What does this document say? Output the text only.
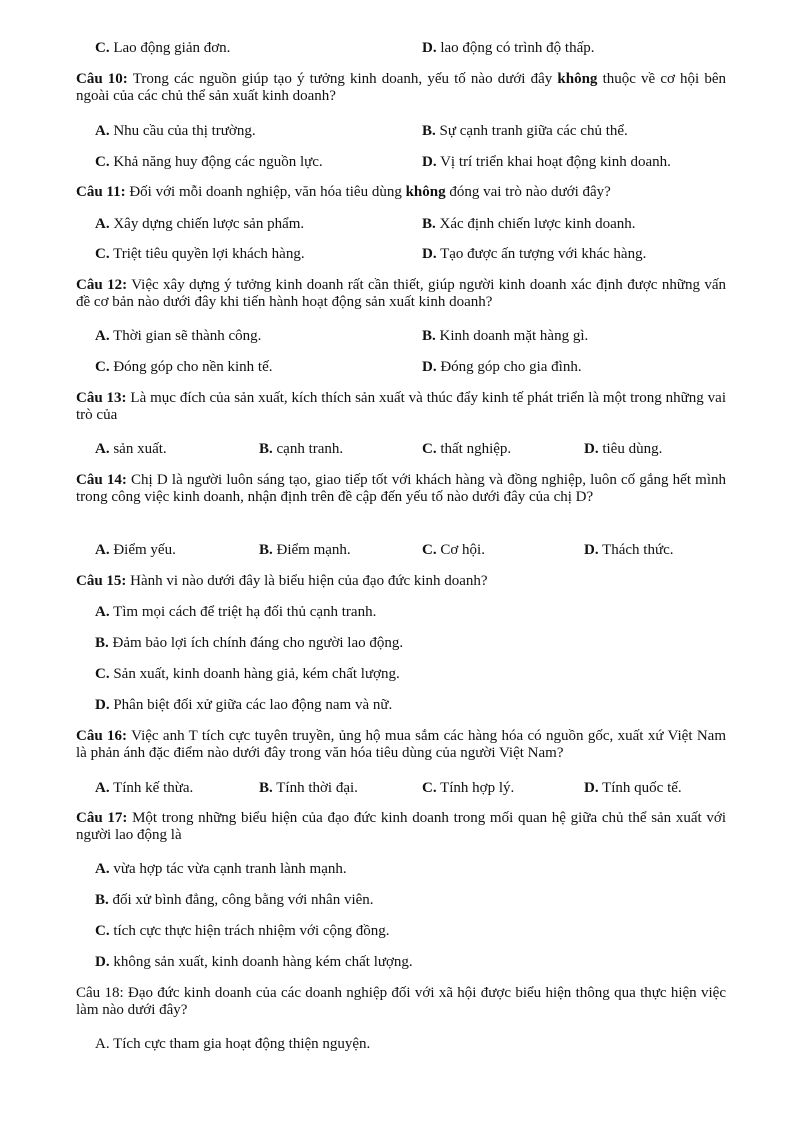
C. Lao động giản đơn.	D. lao động có trình độ thấp.
Câu 10: Trong các nguồn giúp tạo ý tưởng kinh doanh, yếu tố nào dưới đây không thuộc về cơ hội bên ngoài của các chủ thể sản xuất kinh doanh?
A. Nhu cầu của thị trường.	B. Sự cạnh tranh giữa các chủ thể.
C. Khả năng huy động các nguồn lực.	D. Vị trí triển khai hoạt động kinh doanh.
Câu 11: Đối với mỗi doanh nghiệp, văn hóa tiêu dùng không đóng vai trò nào dưới đây?
A. Xây dựng chiến lược sản phẩm.	B. Xác định chiến lược kinh doanh.
C. Triệt tiêu quyền lợi khách hàng.	D. Tạo được ấn tượng với khác hàng.
Câu 12: Việc xây dựng ý tưởng kinh doanh rất cần thiết, giúp người kinh doanh xác định được những vấn đề cơ bản nào dưới đây khi tiến hành hoạt động sản xuất kinh doanh?
A. Thời gian sẽ thành công.	B. Kinh doanh mặt hàng gì.
C. Đóng góp cho nền kinh tế.	D. Đóng góp cho gia đình.
Câu 13: Là mục đích của sản xuất, kích thích sản xuất và thúc đẩy kinh tế phát triển là một trong những vai trò của
A. sản xuất.	B. cạnh tranh.	C. thất nghiệp.	D. tiêu dùng.
Câu 14: Chị D là người luôn sáng tạo, giao tiếp tốt với khách hàng và đồng nghiệp, luôn cố gắng hết mình trong công việc kinh doanh, nhận định trên đề cập đến yếu tố nào dưới đây của chị D?
A. Điểm yếu.	B. Điểm mạnh.	C. Cơ hội.	D. Thách thức.
Câu 15: Hành vi nào dưới đây là biểu hiện của đạo đức kinh doanh?
A. Tìm mọi cách để triệt hạ đối thủ cạnh tranh.
B. Đảm bảo lợi ích chính đáng cho người lao động.
C. Sản xuất, kinh doanh hàng giả, kém chất lượng.
D. Phân biệt đối xử giữa các lao động nam và nữ.
Câu 16: Việc anh T tích cực tuyên truyền, ủng hộ mua sắm các hàng hóa có nguồn gốc, xuất xứ Việt Nam là phản ánh đặc điểm nào dưới đây trong văn hóa tiêu dùng của người Việt Nam?
A. Tính kế thừa.	B. Tính thời đại.	C. Tính hợp lý.	D. Tính quốc tế.
Câu 17: Một trong những biểu hiện của đạo đức kinh doanh trong mối quan hệ giữa chủ thể sản xuất với người lao động là
A. vừa hợp tác vừa cạnh tranh lành mạnh.
B. đối xử bình đẳng, công bằng với nhân viên.
C. tích cực thực hiện trách nhiệm với cộng đồng.
D. không sản xuất, kinh doanh hàng kém chất lượng.
Câu 18: Đạo đức kinh doanh của các doanh nghiệp đối với xã hội được biểu hiện thông qua thực hiện việc làm nào dưới đây?
A. Tích cực tham gia hoạt động thiện nguyện.
